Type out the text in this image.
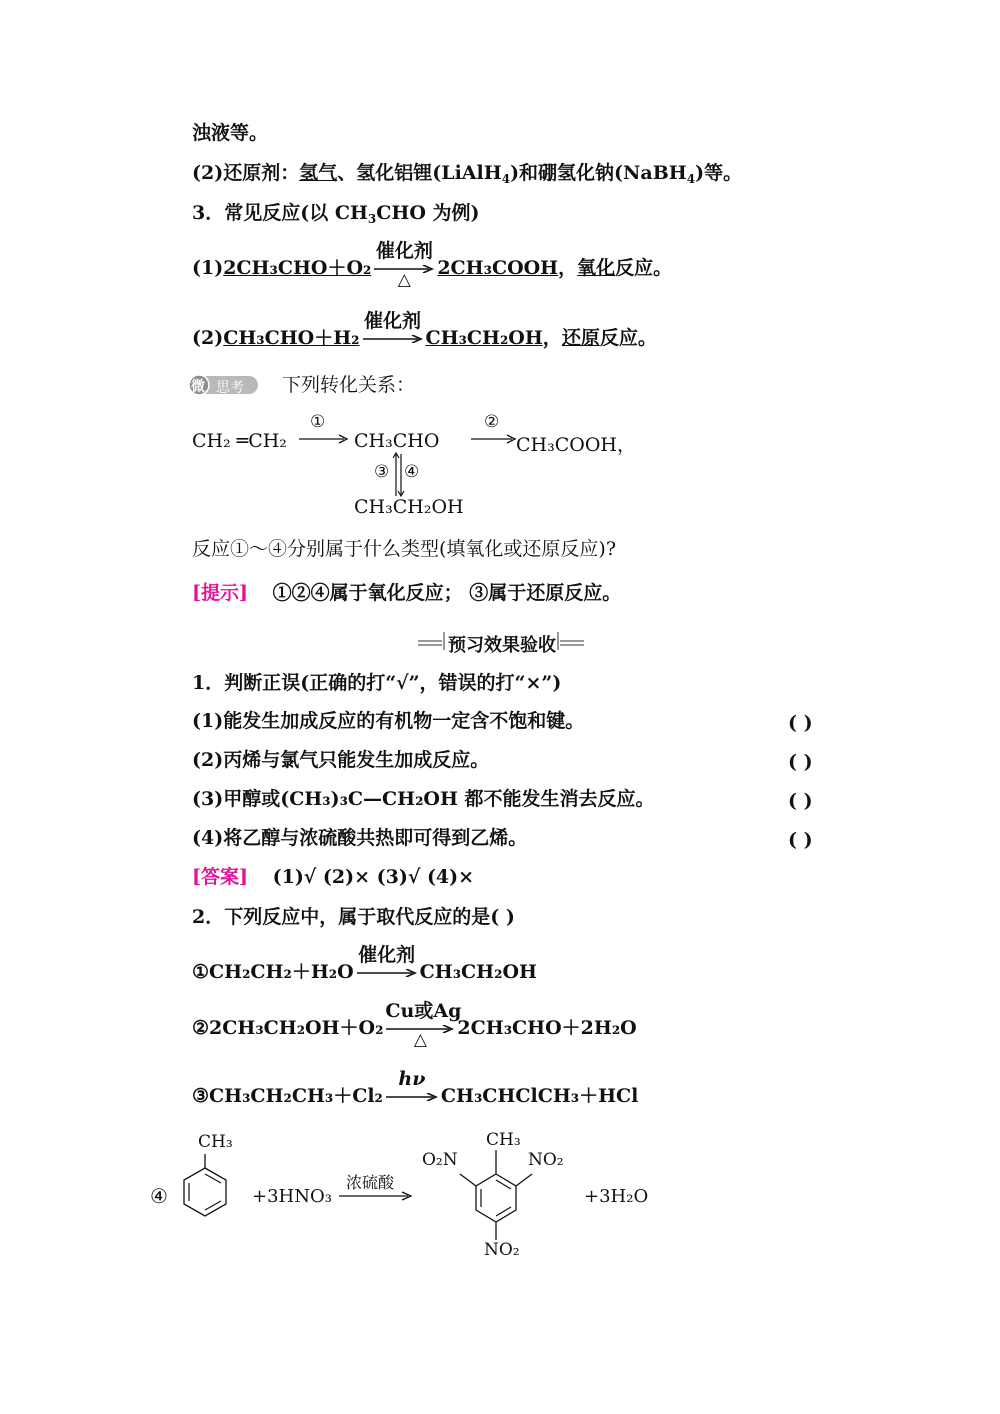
浊液等。
(2)还原剂：氢气、氢化铝锂(LiAlH$_4$)和硼氢化钠(NaBH$_4$)等。
3．常见反应(以 $CH_3CHO$ 为例)
(1) 2CH₃CHO＋O₂
催化剂
△
2CH₃COOH ， 氧化 反应。
(2) CH₃CHO＋H₂
催化剂
CH₃CH₂OH ， 还原 反应。
微 思考 下列转化关系：
CH₂ ═CH₂
①
CH₃CHO
②
CH₃COOH，
③ ④
CH₃CH₂OH
反应①～④分别属于什么类型(填氧化或还原反应)?
[提示] ①②④属于氧化反应； ③属于还原反应。
预习效果验收
1．判断正误(正确的打“√”，错误的打“×”)
(1)能发生加成反应的有机物一定含不饱和键。	( )
(2)丙烯与氯气只能发生加成反应。	( )
(3)甲醇或(CH₃)₃C—CH₂OH 都不能发生消去反应。	( )
(4)将乙醇与浓硫酸共热即可得到乙烯。	( )
[答案] (1)√ (2)× (3)√ (4)×
2．下列反应中，属于取代反应的是( )
①CH₂CH₂＋H₂O
催化剂
CH₃CH₂OH
②2CH₃CH₂OH＋O₂
Cu或Ag
△
2CH₃CHO＋2H₂O
③CH₃CH₂CH₃＋Cl₂
hν
CH₃CHClCH₃＋HCl
④
CH₃
+3HNO₃
浓硫酸
CH₃
O₂N	NO₂
NO₂
+3H₂O
